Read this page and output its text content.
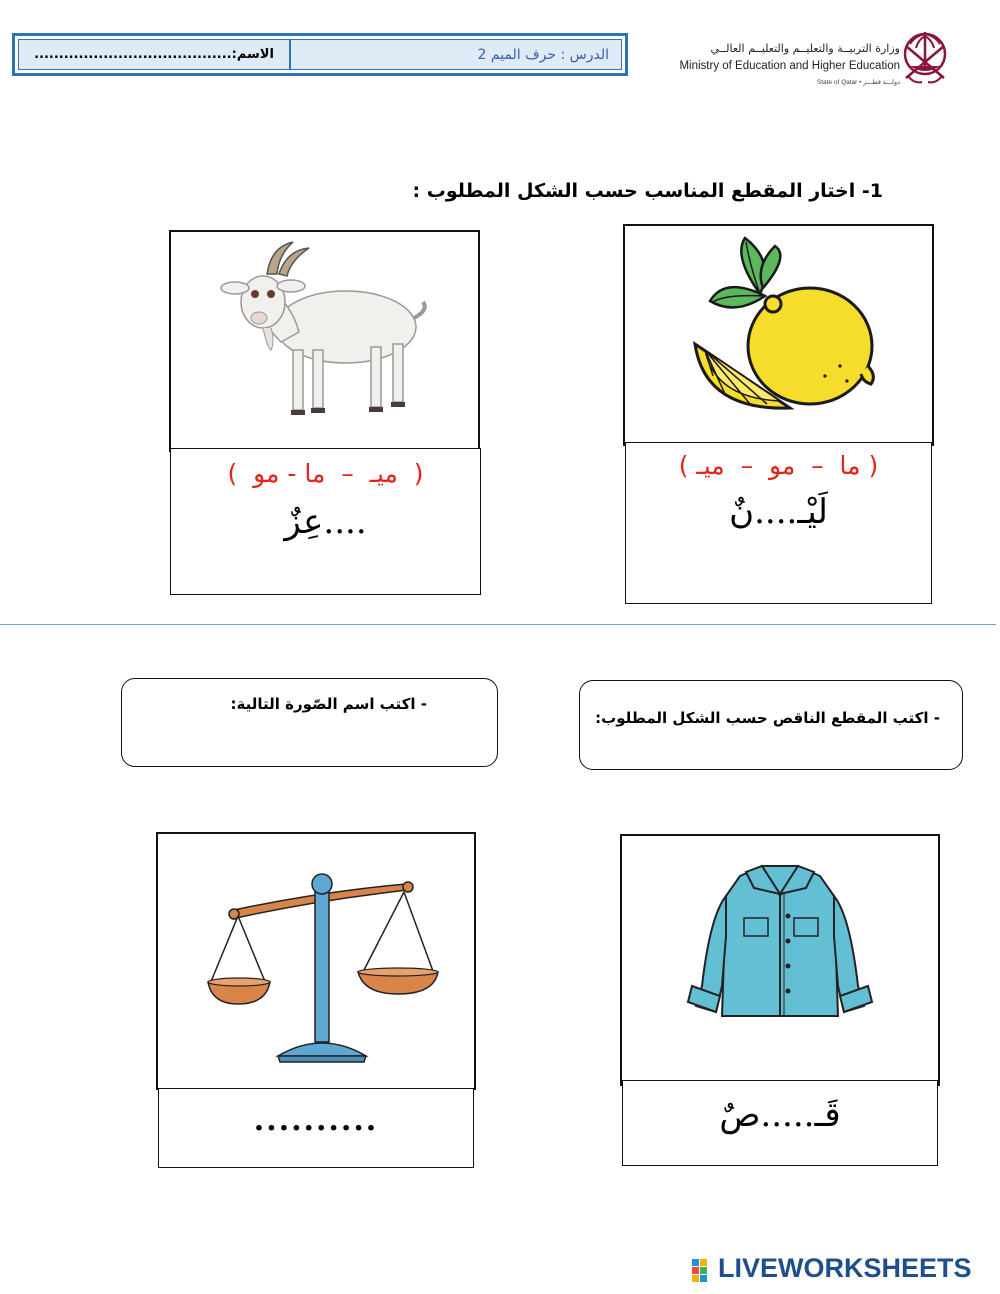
الاسم:........................................	الدرس : حرف الميم 2	وزارة التربيــة والتعليــم والتعليــم العالــي
Ministry of Education and Higher Education
State of Qatar • دولـــة قطـــر
1- اختار المقطع المناسب حسب الشكل المطلوب :
( ما  –  مو  –  ميـ )
لَيْـ....نٌ
(  ميـ  –  ما - مو  )
....عِزٌ
- اكتب المقطع الناقص حسب الشكل المطلوب:
- اكتب اسم الصّورة التالية:
..........	قَـ.....صٌ
LIVEWORKSHEETS
